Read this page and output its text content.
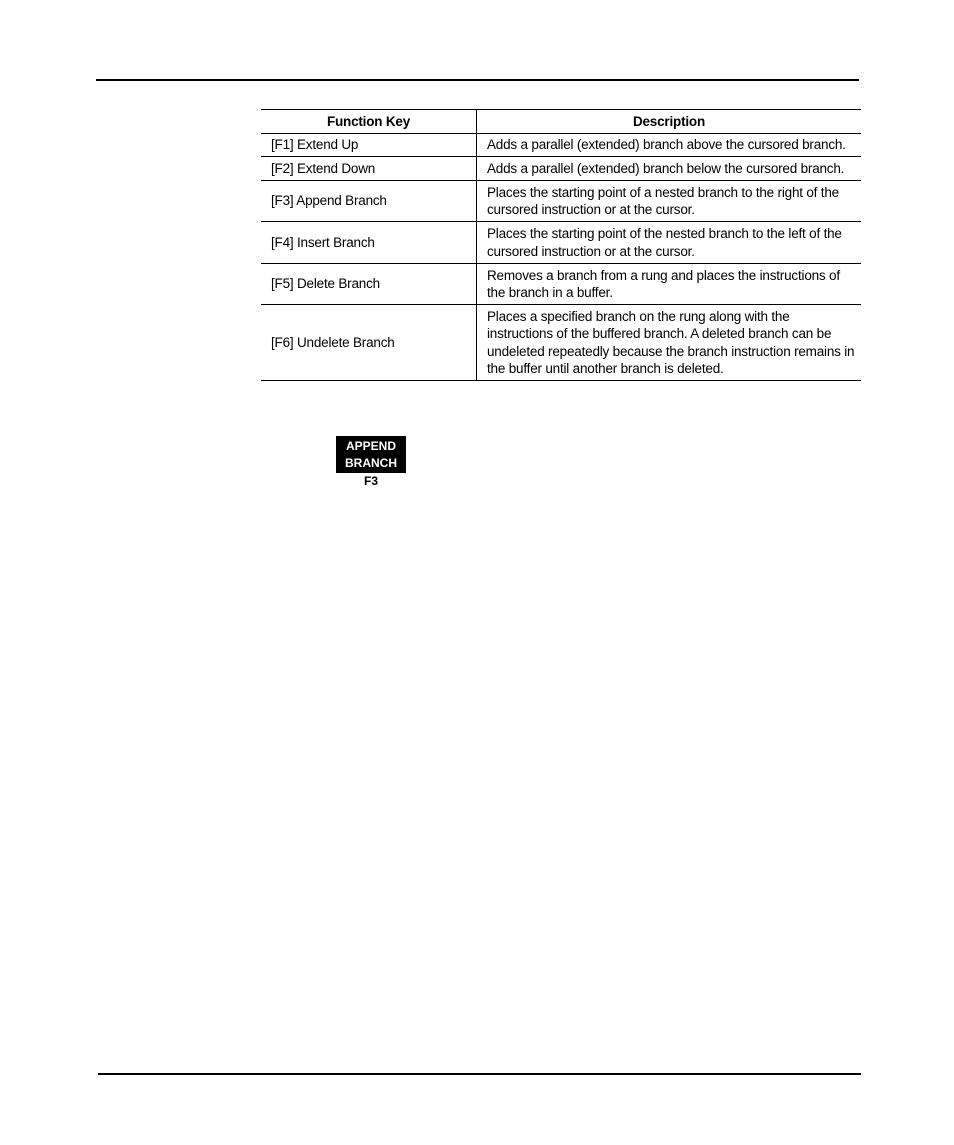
Function Key	Description
[F1] Extend Up	Adds a parallel (extended) branch above the cursored branch.
[F2] Extend Down	Adds a parallel (extended) branch below the cursored branch.
[F3] Append Branch	Places the starting point of a nested branch to the right of the cursored instruction or at the cursor.
[F4] Insert Branch	Places the starting point of the nested branch to the left of the cursored instruction or at the cursor.
[F5] Delete Branch	Removes a branch from a rung and places the instructions of the branch in a buffer.
[F6] Undelete Branch	Places a specified branch on the rung along with the instructions of the buffered branch. A deleted branch can be undeleted repeatedly because the branch instruction remains in the buffer until another branch is deleted.
APPEND
BRANCH
F3
